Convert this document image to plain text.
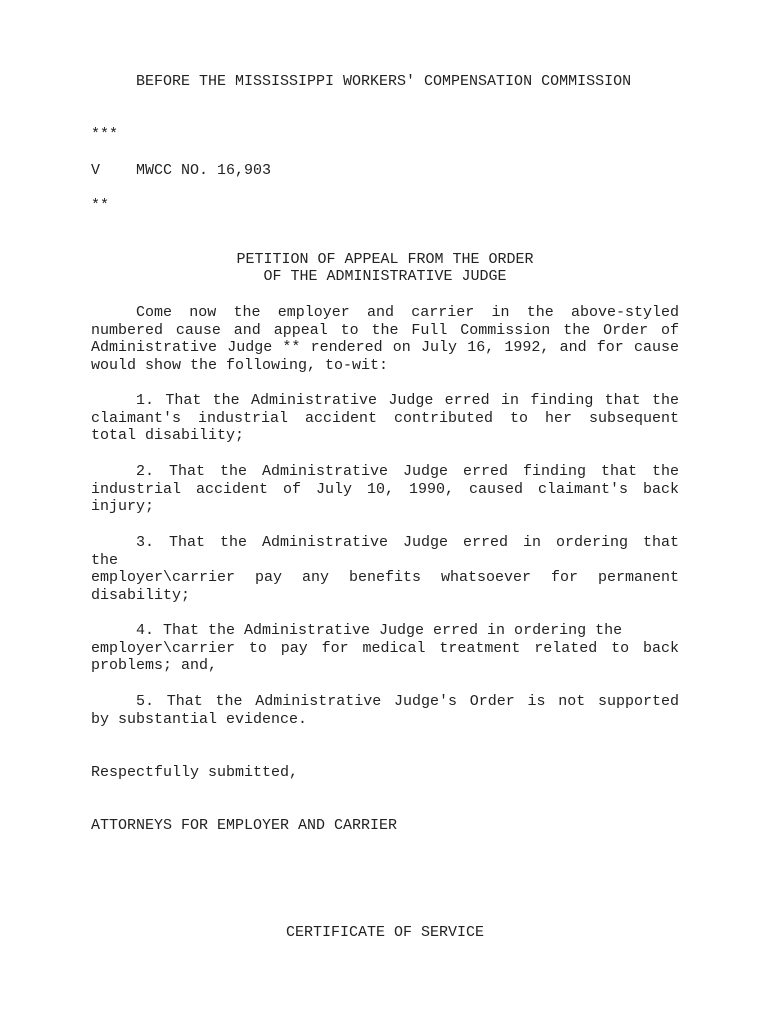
BEFORE THE MISSISSIPPI WORKERS' COMPENSATION COMMISSION
***
V MWCC NO. 16,903
**
PETITION OF APPEAL FROM THE ORDER
OF THE ADMINISTRATIVE JUDGE
Come now the employer and carrier in the above-styled
numbered cause and appeal to the Full Commission the Order of
Administrative Judge ** rendered on July 16, 1992, and for cause
would show the following, to-wit:
1. That the Administrative Judge erred in finding that the
claimant's industrial accident contributed to her subsequent
total disability;
2. That the Administrative Judge erred finding that the
industrial accident of July 10, 1990, caused claimant's back
injury;
3. That the Administrative Judge erred in ordering that
the
employer\carrier pay any benefits whatsoever for permanent
disability;
4. That the Administrative Judge erred in ordering the
employer\carrier to pay for medical treatment related to back
problems; and,
5. That the Administrative Judge's Order is not supported
by substantial evidence.
Respectfully submitted,
ATTORNEYS FOR EMPLOYER AND CARRIER
CERTIFICATE OF SERVICE
